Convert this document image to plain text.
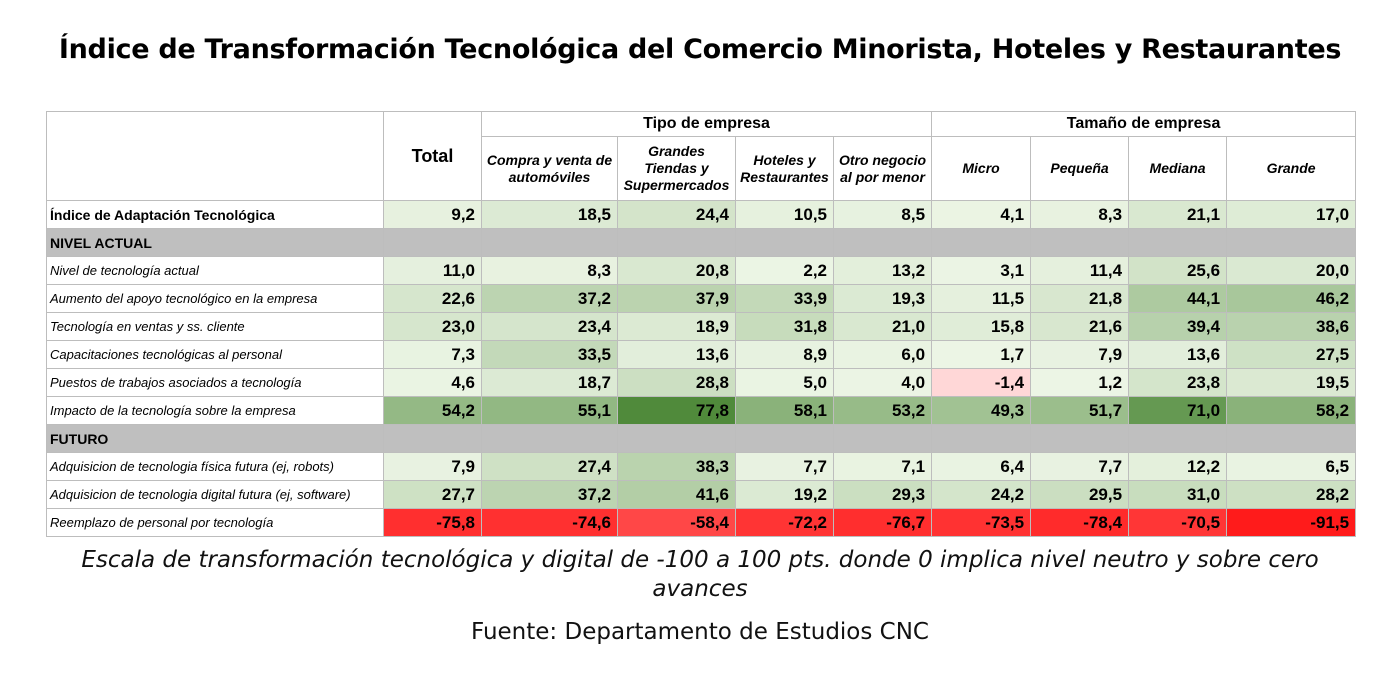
Índice de Transformación Tecnológica del Comercio Minorista, Hoteles y Restaurantes
	Total	Tipo de empresa				Tamaño de empresa			
		Compra y venta de automóviles	Grandes Tiendas y Supermercados	Hoteles y Restaurantes	Otro negocio al por menor	Micro	Pequeña	Mediana	Grande
Índice de Adaptación Tecnológica	9,2	18,5	24,4	10,5	8,5	4,1	8,3	21,1	17,0
NIVEL ACTUAL									
Nivel de tecnología actual	11,0	8,3	20,8	2,2	13,2	3,1	11,4	25,6	20,0
Aumento del apoyo tecnológico en la empresa	22,6	37,2	37,9	33,9	19,3	11,5	21,8	44,1	46,2
Tecnología en ventas y ss. cliente	23,0	23,4	18,9	31,8	21,0	15,8	21,6	39,4	38,6
Capacitaciones tecnológicas al personal	7,3	33,5	13,6	8,9	6,0	1,7	7,9	13,6	27,5
Puestos de trabajos asociados a tecnología	4,6	18,7	28,8	5,0	4,0	-1,4	1,2	23,8	19,5
Impacto de la tecnología sobre la empresa	54,2	55,1	77,8	58,1	53,2	49,3	51,7	71,0	58,2
FUTURO									
Adquisicion de tecnologia física futura (ej, robots)	7,9	27,4	38,3	7,7	7,1	6,4	7,7	12,2	6,5
Adquisicion de tecnologia digital futura (ej, software)	27,7	37,2	41,6	19,2	29,3	24,2	29,5	31,0	28,2
Reemplazo de personal por tecnología	-75,8	-74,6	-58,4	-72,2	-76,7	-73,5	-78,4	-70,5	-91,5
Escala de transformación tecnológica y digital de -100 a 100 pts. donde 0 implica nivel neutro y sobre cero
avances
Fuente: Departamento de Estudios CNC
